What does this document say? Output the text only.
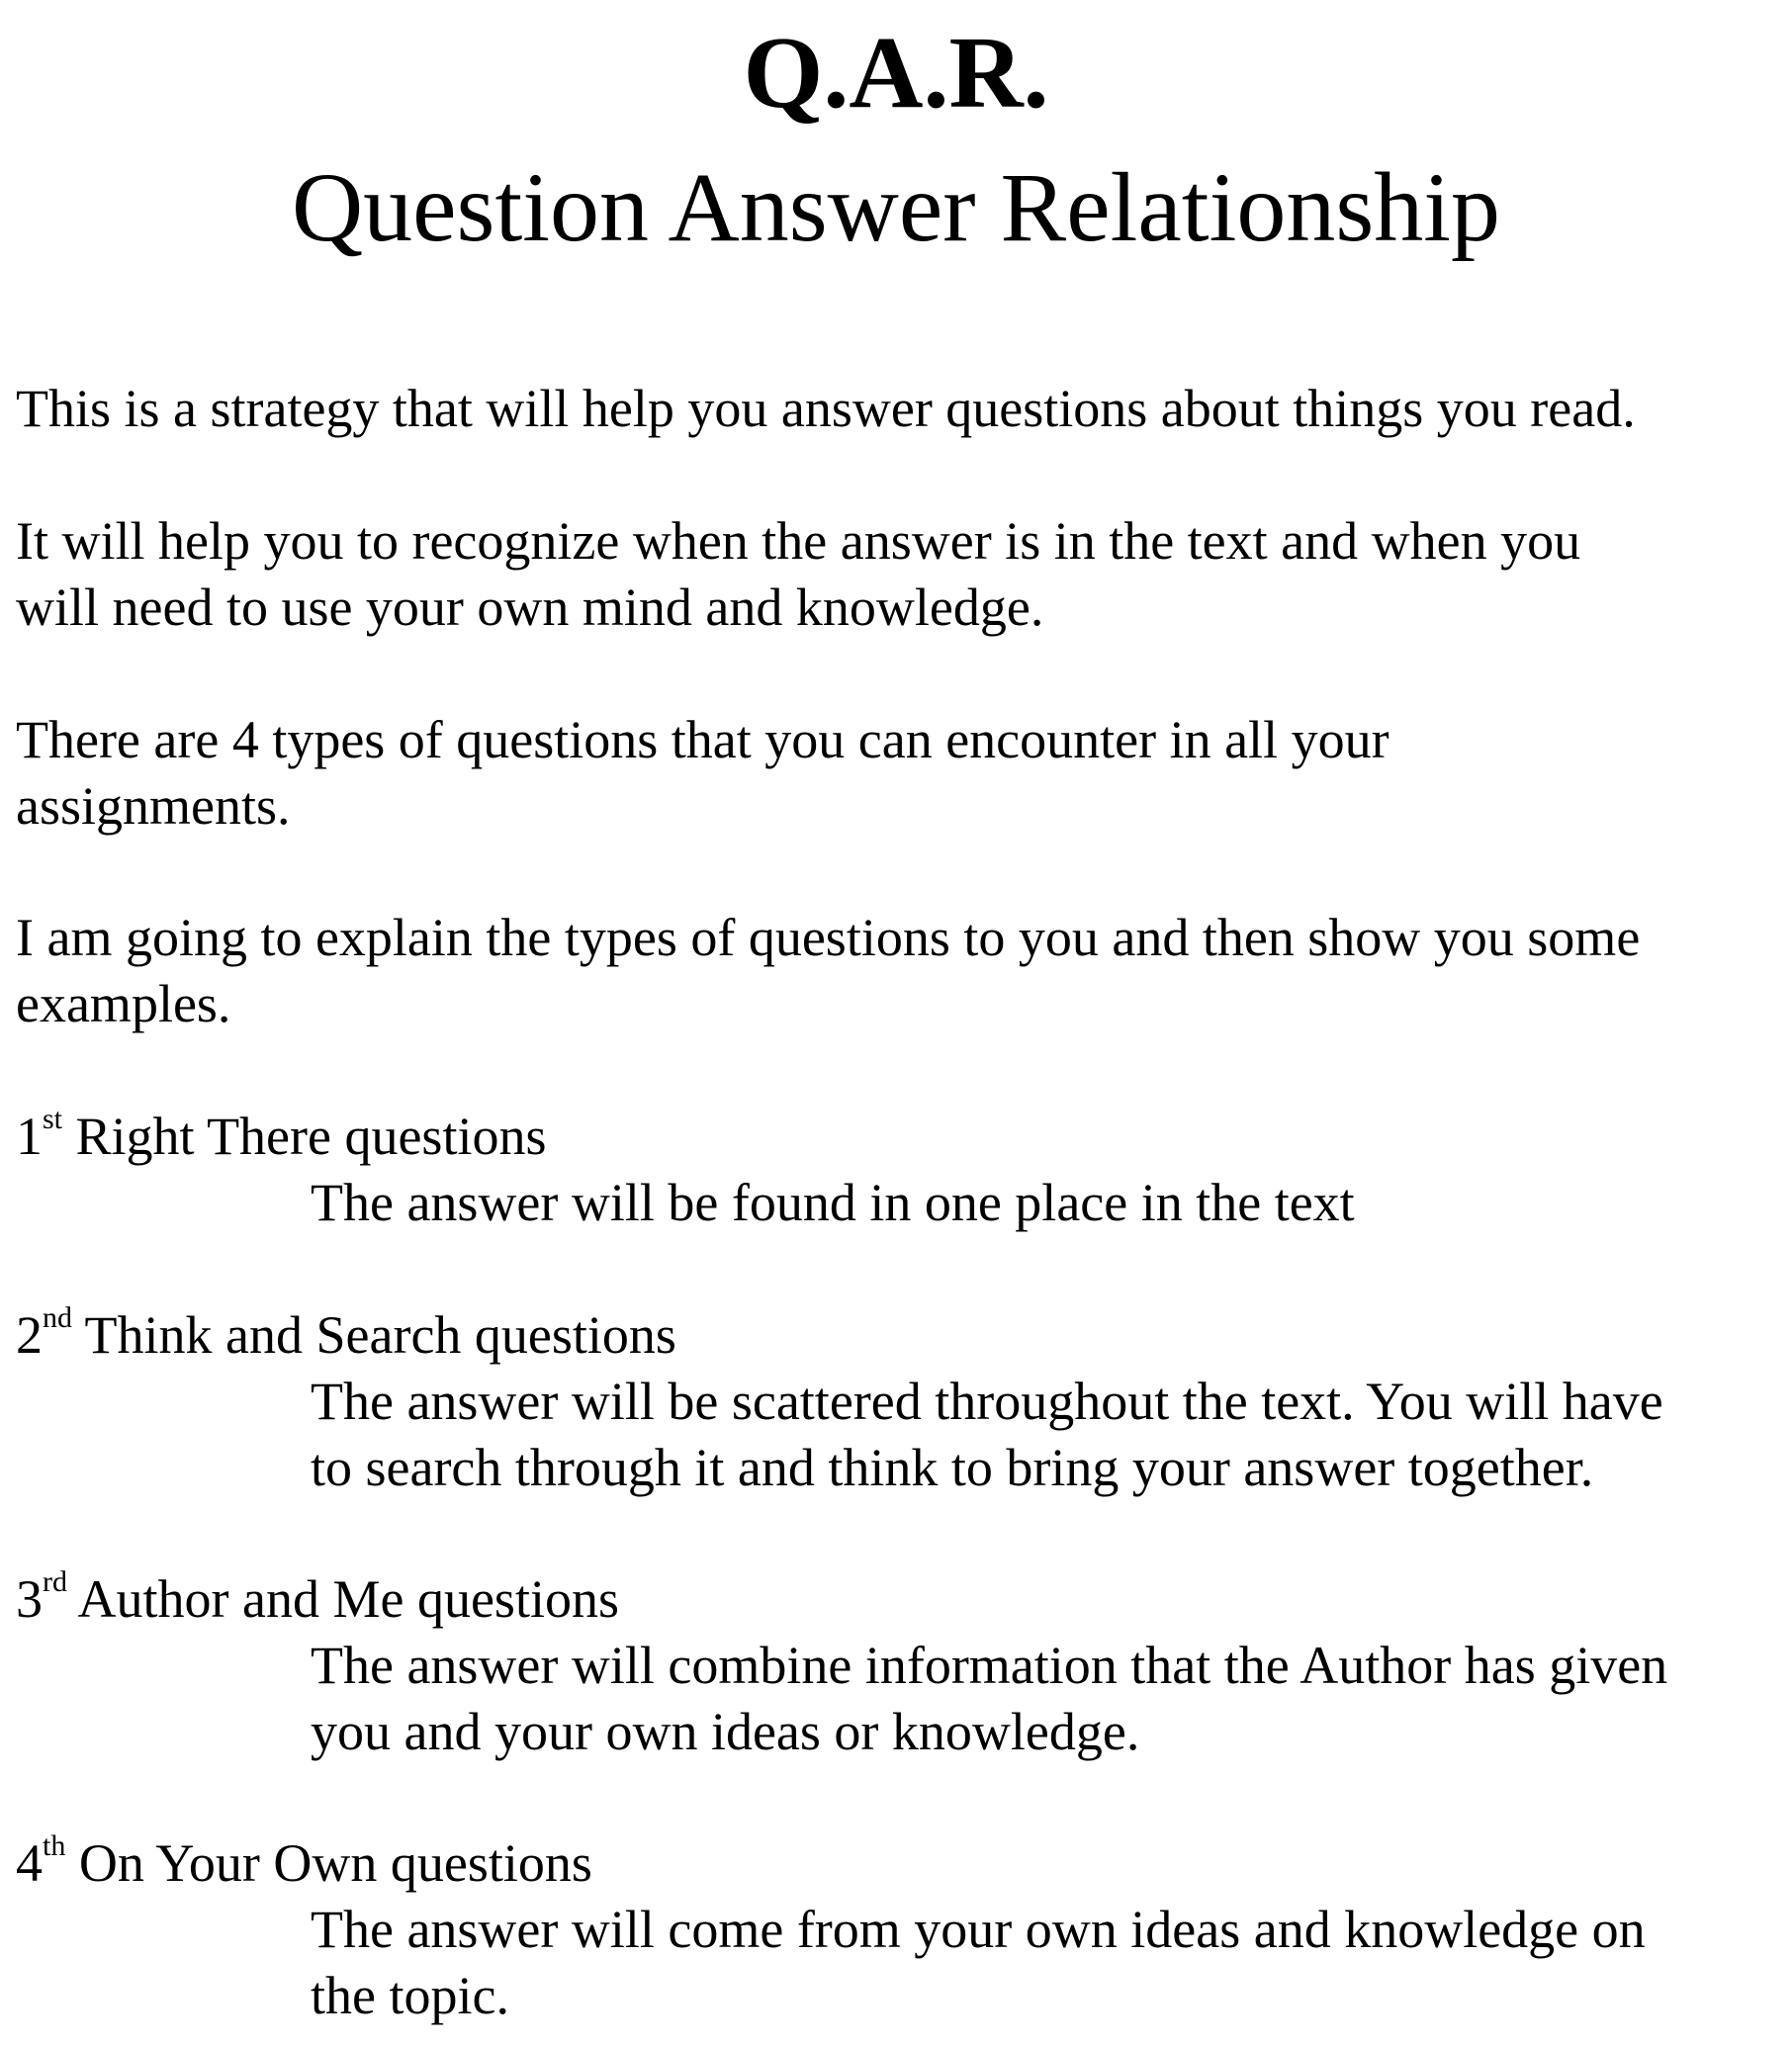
Q.A.R.
Question Answer Relationship
This is a strategy that will help you answer questions about things you read.
It will help you to recognize when the answer is in the text and when you
will need to use your own mind and knowledge.
There are 4 types of questions that you can encounter in all your
assignments.
I am going to explain the types of questions to you and then show you some
examples.
1st Right There questions
The answer will be found in one place in the text
2nd Think and Search questions
The answer will be scattered throughout the text. You will have
to search through it and think to bring your answer together.
3rd Author and Me questions
The answer will combine information that the Author has given
you and your own ideas or knowledge.
4th On Your Own questions
The answer will come from your own ideas and knowledge on
the topic.
